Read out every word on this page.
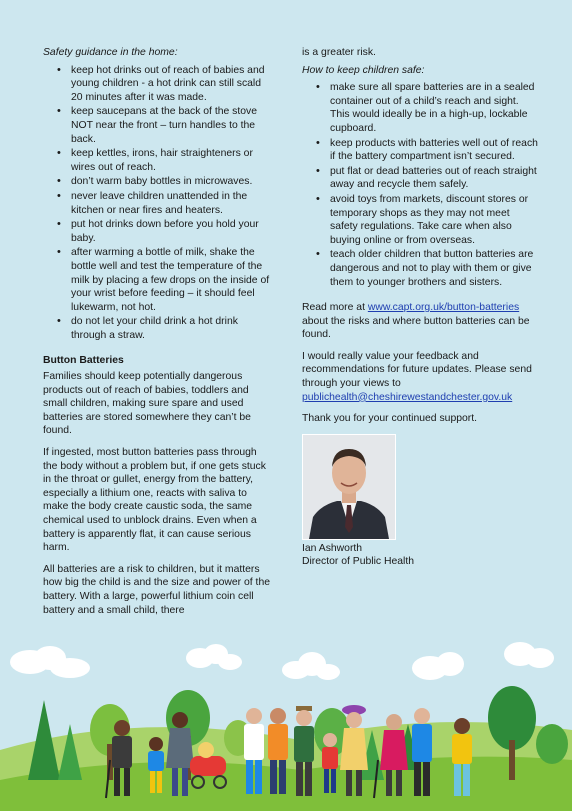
Safety guidance in the home:

• keep hot drinks out of reach of babies and young children - a hot drink can still scald 20 minutes after it was made.
• keep saucepans at the back of the stove NOT near the front – turn handles to the back.
• keep kettles, irons, hair straighteners or wires out of reach.
• don’t warm baby bottles in microwaves.
• never leave children unattended in the kitchen or near fires and heaters.
• put hot drinks down before you hold your baby.
• after warming a bottle of milk, shake the bottle well and test the temperature of the milk by placing a few drops on the inside of your wrist before feeding – it should feel lukewarm, not hot.
• do not let your child drink a hot drink through a straw.

Button Batteries

Families should keep potentially dangerous products out of reach of babies, toddlers and small children, making sure spare and used batteries are stored somewhere they can’t be found.

If ingested, most button batteries pass through the body without a problem but, if one gets stuck in the throat or gullet, energy from the battery, especially a lithium one, reacts with saliva to make the body create caustic soda, the same chemical used to unblock drains. Even when a battery is apparently flat, it can cause serious harm.

All batteries are a risk to children, but it matters how big the child is and the size and power of the battery. With a large, powerful lithium coin cell battery and a small child, there

is a greater risk.

How to keep children safe:

• make sure all spare batteries are in a sealed container out of a child’s reach and sight. This would ideally be in a high-up, lockable cupboard.
• keep products with batteries well out of reach if the battery compartment isn’t secured.
• put flat or dead batteries out of reach straight away and recycle them safely.
• avoid toys from markets, discount stores or temporary shops as they may not meet safety regulations. Take care when also buying online or from overseas.
• teach older children that button batteries are dangerous and not to play with them or give them to younger brothers and sisters.

Read more at www.capt.org.uk/button-batteries about the risks and where button batteries can be found.

I would really value your feedback and recommendations for future updates. Please send through your views to publichealth@cheshirewestandchester.gov.uk

Thank you for your continued support.

Ian Ashworth

Director of Public Health
